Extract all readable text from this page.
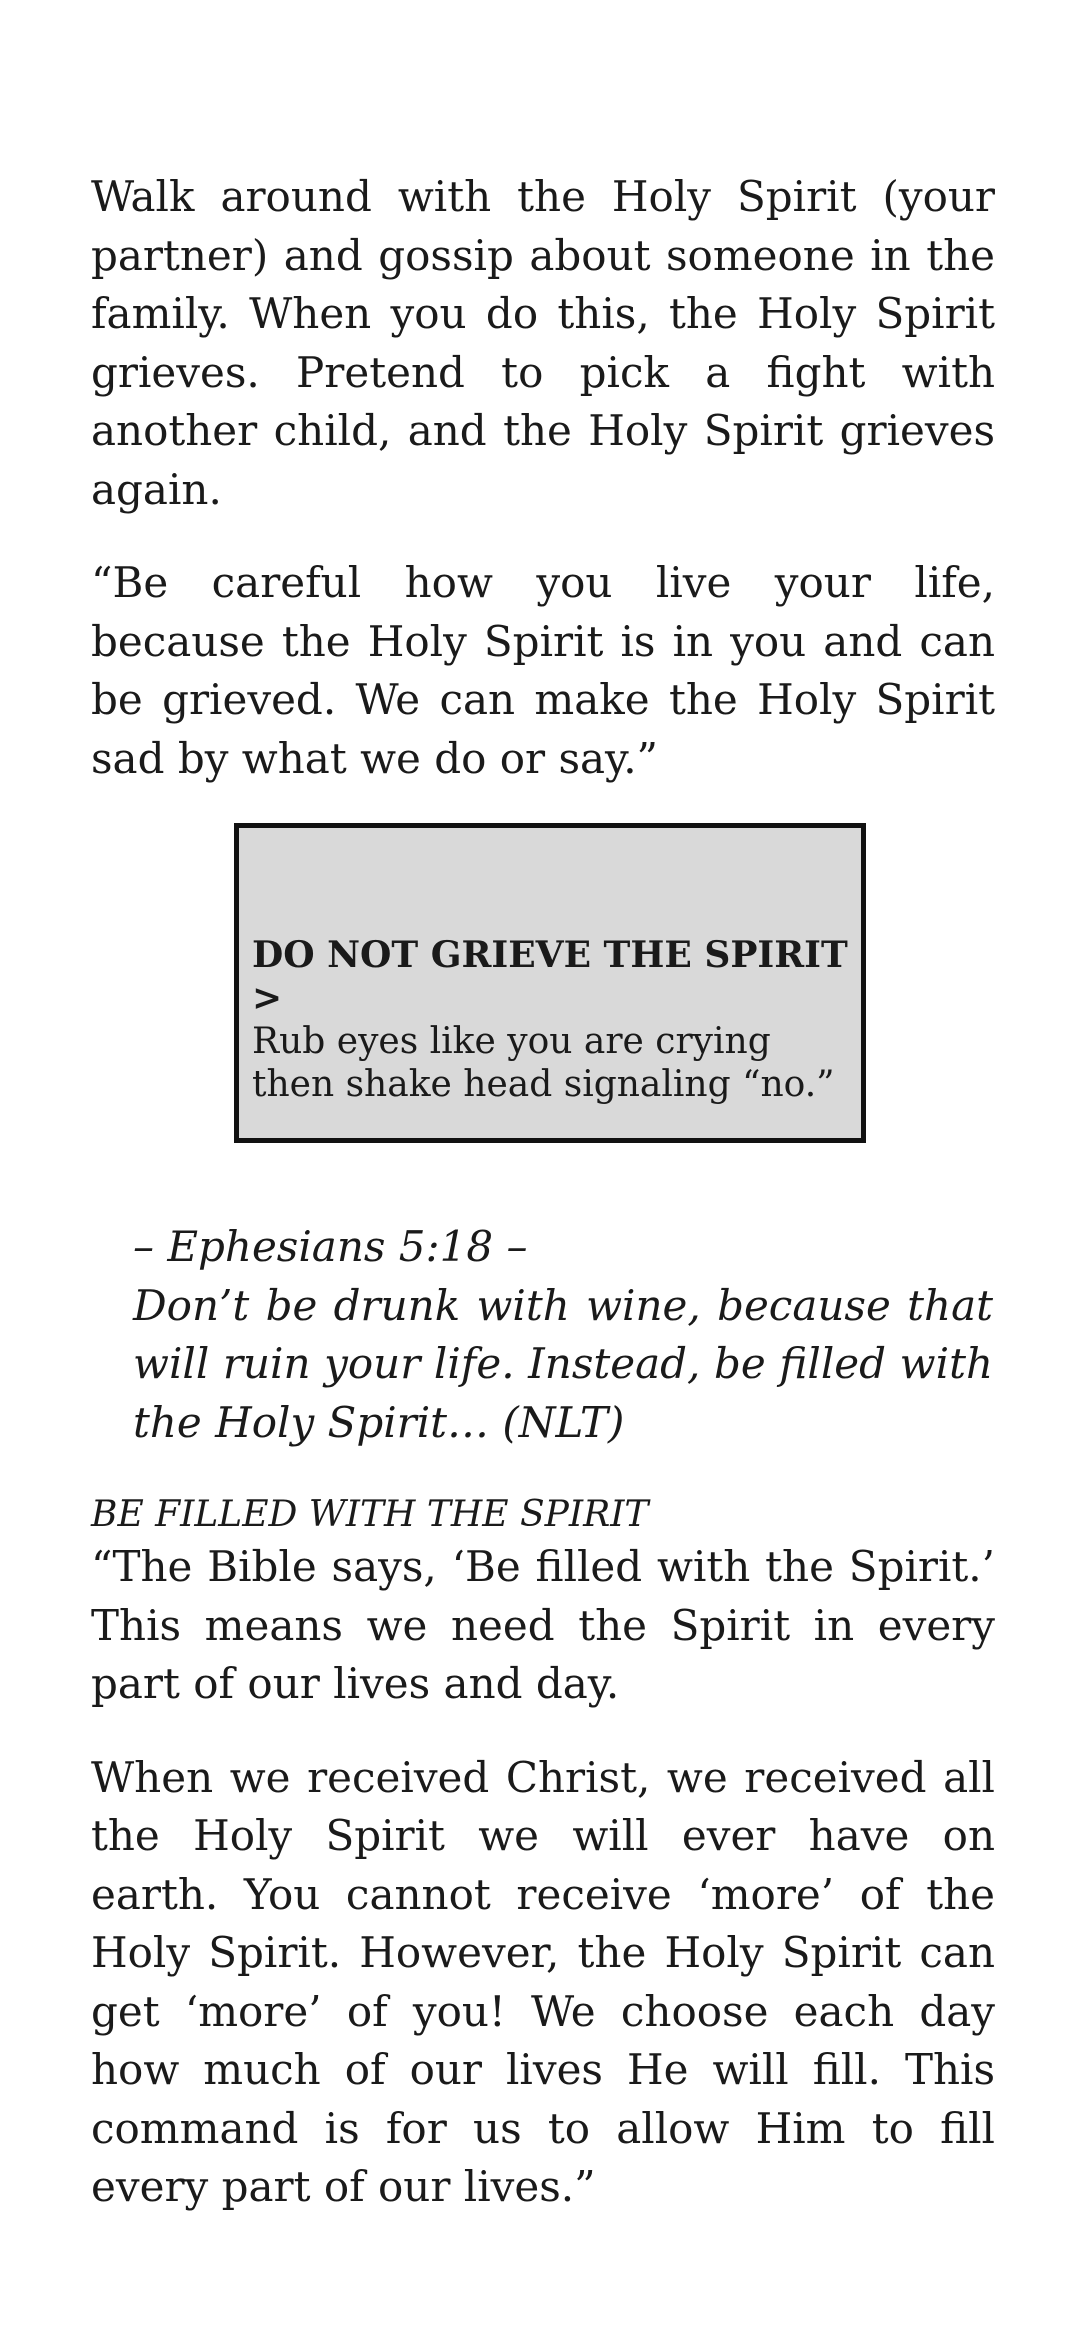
Walk around with the Holy Spirit (your partner) and gossip about someone in the family. When you do this, the Holy Spirit grieves. Pretend to pick a fight with another child, and the Holy Spirit grieves again.

“Be careful how you live your life, because the Holy Spirit is in you and can be grieved. We can make the Holy Spirit sad by what we do or say.”

DO NOT GRIEVE THE SPIRIT >
Rub eyes like you are crying then shake head signaling “no.”
– Ephesians 5:18 –
Don’t be drunk with wine, because that will ruin your life. Instead, be filled with the Holy Spirit… (NLT)
BE FILLED WITH THE SPIRIT

“The Bible says, ‘Be filled with the Spirit.’ This means we need the Spirit in every part of our lives and day.

When we received Christ, we received all the Holy Spirit we will ever have on earth. You cannot receive ‘more’ of the Holy Spirit. However, the Holy Spirit can get ‘more’ of you! We choose each day how much of our lives He will fill. This command is for us to allow Him to fill every part of our lives.”
